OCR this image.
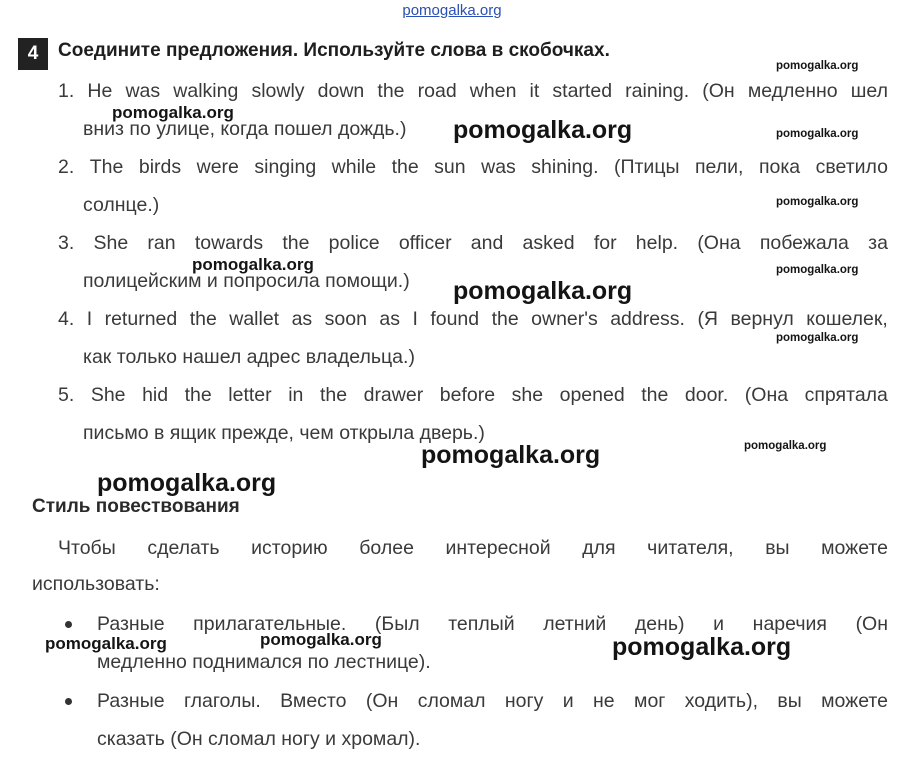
pomogalka.org
4	Соедините предложения. Используйте слова в скобочках.
1. He was walking slowly down the road when it started raining. (Он медленно шел
вниз по улице, когда пошел дождь.)
2. The birds were singing while the sun was shining. (Птицы пели, пока светило
солнце.)
3. She ran towards the police officer and asked for help. (Она побежала за
полицейским и попросила помощи.)
4. I returned the wallet as soon as I found the owner's address. (Я вернул кошелек,
как только нашел адрес владельца.)
5. She hid the letter in the drawer before she opened the door. (Она спрятала
письмо в ящик прежде, чем открыла дверь.)
Стиль повествования
Чтобы сделать историю более интересной для читателя, вы можете
использовать:
Разные прилагательные. (Был теплый летний день) и наречия (Он
медленно поднимался по лестнице).
Разные глаголы. Вместо (Он сломал ногу и не мог ходить), вы можете
сказать (Он сломал ногу и хромал).
pomogalka.org
pomogalka.org
pomogalka.org	pomogalka.org
pomogalka.org
pomogalka.org	pomogalka.org
pomogalka.org
pomogalka.org
pomogalka.org
pomogalka.org
pomogalka.org
pomogalka.org
pomogalka.org	pomogalka.org
